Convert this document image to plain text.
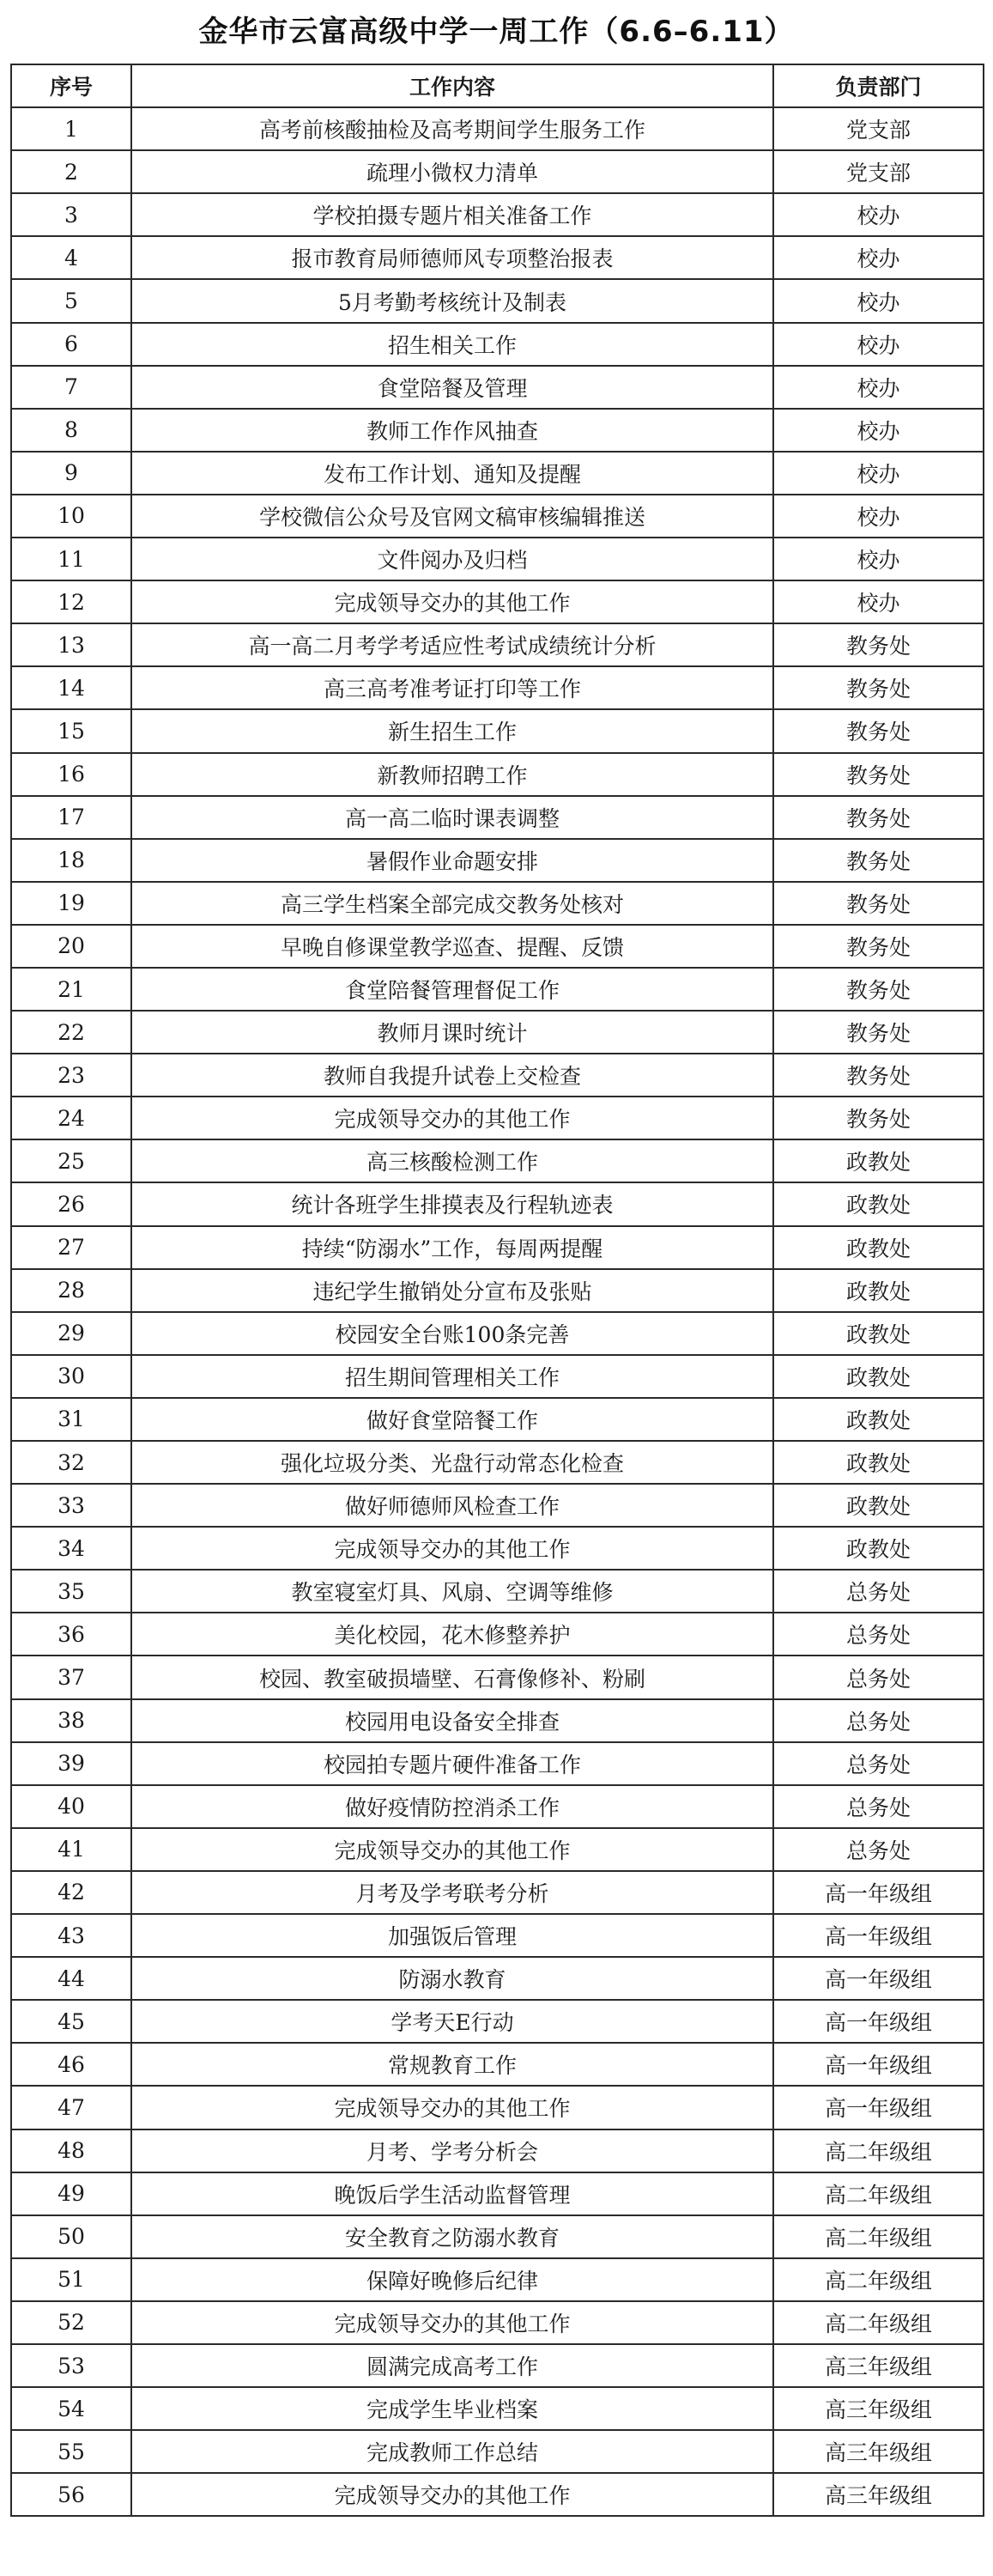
金华市云富高级中学一周工作（6.6–6.11）
序号	工作内容	负责部门
1	高考前核酸抽检及高考期间学生服务工作	党支部
2	疏理小微权力清单	党支部
3	学校拍摄专题片相关准备工作	校办
4	报市教育局师德师风专项整治报表	校办
5	5月考勤考核统计及制表	校办
6	招生相关工作	校办
7	食堂陪餐及管理	校办
8	教师工作作风抽查	校办
9	发布工作计划、通知及提醒	校办
10	学校微信公众号及官网文稿审核编辑推送	校办
11	文件阅办及归档	校办
12	完成领导交办的其他工作	校办
13	高一高二月考学考适应性考试成绩统计分析	教务处
14	高三高考准考证打印等工作	教务处
15	新生招生工作	教务处
16	新教师招聘工作	教务处
17	高一高二临时课表调整	教务处
18	暑假作业命题安排	教务处
19	高三学生档案全部完成交教务处核对	教务处
20	早晚自修课堂教学巡查、提醒、反馈	教务处
21	食堂陪餐管理督促工作	教务处
22	教师月课时统计	教务处
23	教师自我提升试卷上交检查	教务处
24	完成领导交办的其他工作	教务处
25	高三核酸检测工作	政教处
26	统计各班学生排摸表及行程轨迹表	政教处
27	持续“防溺水”工作，每周两提醒	政教处
28	违纪学生撤销处分宣布及张贴	政教处
29	校园安全台账100条完善	政教处
30	招生期间管理相关工作	政教处
31	做好食堂陪餐工作	政教处
32	强化垃圾分类、光盘行动常态化检查	政教处
33	做好师德师风检查工作	政教处
34	完成领导交办的其他工作	政教处
35	教室寝室灯具、风扇、空调等维修	总务处
36	美化校园，花木修整养护	总务处
37	校园、教室破损墙壁、石膏像修补、粉刷	总务处
38	校园用电设备安全排查	总务处
39	校园拍专题片硬件准备工作	总务处
40	做好疫情防控消杀工作	总务处
41	完成领导交办的其他工作	总务处
42	月考及学考联考分析	高一年级组
43	加强饭后管理	高一年级组
44	防溺水教育	高一年级组
45	学考天E行动	高一年级组
46	常规教育工作	高一年级组
47	完成领导交办的其他工作	高一年级组
48	月考、学考分析会	高二年级组
49	晚饭后学生活动监督管理	高二年级组
50	安全教育之防溺水教育	高二年级组
51	保障好晚修后纪律	高二年级组
52	完成领导交办的其他工作	高二年级组
53	圆满完成高考工作	高三年级组
54	完成学生毕业档案	高三年级组
55	完成教师工作总结	高三年级组
56	完成领导交办的其他工作	高三年级组
